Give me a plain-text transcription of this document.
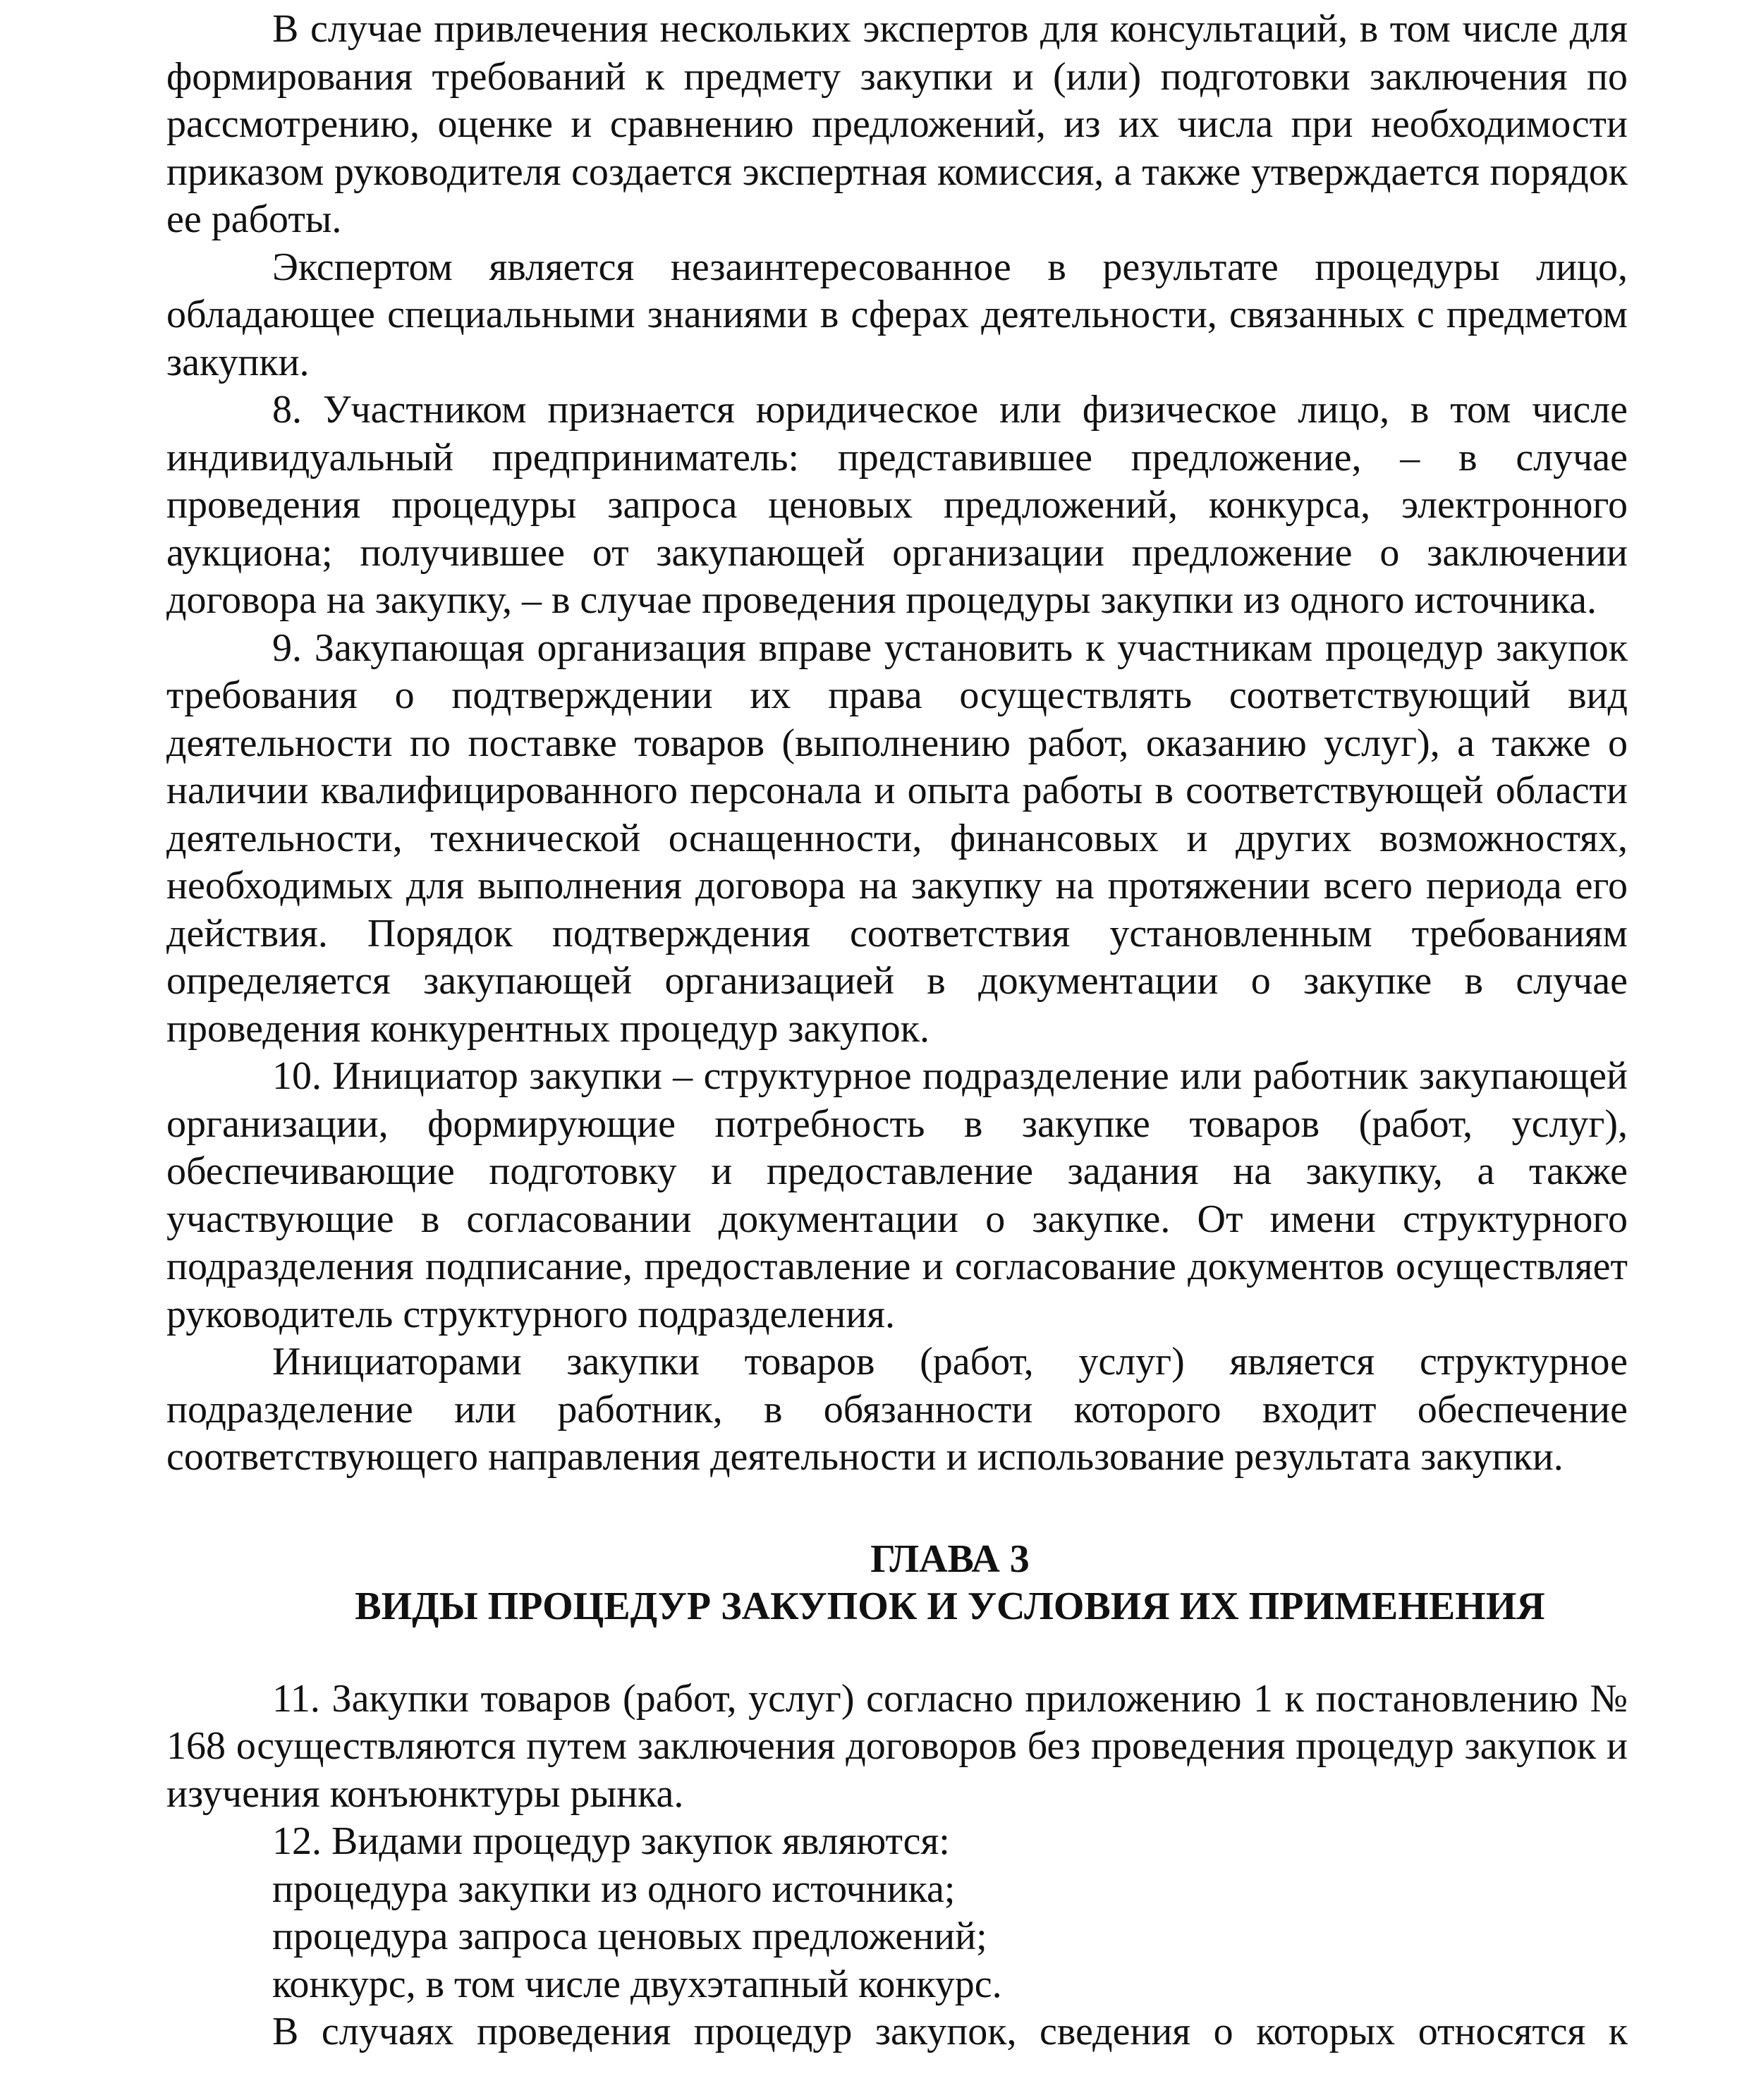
В случае привлечения нескольких экспертов для консультаций, в том числе для формирования требований к предмету закупки и (или) подготовки заключения по рассмотрению, оценке и сравнению предложений, из их числа при необходимости приказом руководителя создается экспертная комиссия, а также утверждается порядок ее работы.

Экспертом является незаинтересованное в результате процедуры лицо, обладающее специальными знаниями в сферах деятельности, связанных с предметом закупки.

8. Участником признается юридическое или физическое лицо, в том числе индивидуальный предприниматель: представившее предложение, – в случае проведения процедуры запроса ценовых предложений, конкурса, электронного аукциона; получившее от закупающей организации предложение о заключении договора на закупку, – в случае проведения процедуры закупки из одного источника.

9. Закупающая организация вправе установить к участникам процедур закупок требования о подтверждении их права осуществлять соответствующий вид деятельности по поставке товаров (выполнению работ, оказанию услуг), а также о наличии квалифицированного персонала и опыта работы в соответствующей области деятельности, технической оснащенности, финансовых и других возможностях, необходимых для выполнения договора на закупку на протяжении всего периода его действия. Порядок подтверждения соответствия установленным требованиям определяется закупающей организацией в документации о закупке в случае проведения конкурентных процедур закупок.

10. Инициатор закупки – структурное подразделение или работник закупающей организации, формирующие потребность в закупке товаров (работ, услуг), обеспечивающие подготовку и предоставление задания на закупку, а также участвующие в согласовании документации о закупке. От имени структурного подразделения подписание, предоставление и согласование документов осуществляет руководитель структурного подразделения.

Инициаторами закупки товаров (работ, услуг) является структурное подразделение или работник, в обязанности которого входит обеспечение соответствующего направления деятельности и использование результата закупки.

ГЛАВА 3
ВИДЫ ПРОЦЕДУР ЗАКУПОК И УСЛОВИЯ ИХ ПРИМЕНЕНИЯ

11. Закупки товаров (работ, услуг) согласно приложению 1 к постановлению № 168 осуществляются путем заключения договоров без проведения процедур закупок и изучения конъюнктуры рынка.

12. Видами процедур закупок являются:

процедура закупки из одного источника;

процедура запроса ценовых предложений;

конкурс, в том числе двухэтапный конкурс.

В случаях проведения процедур закупок, сведения о которых относятся к
